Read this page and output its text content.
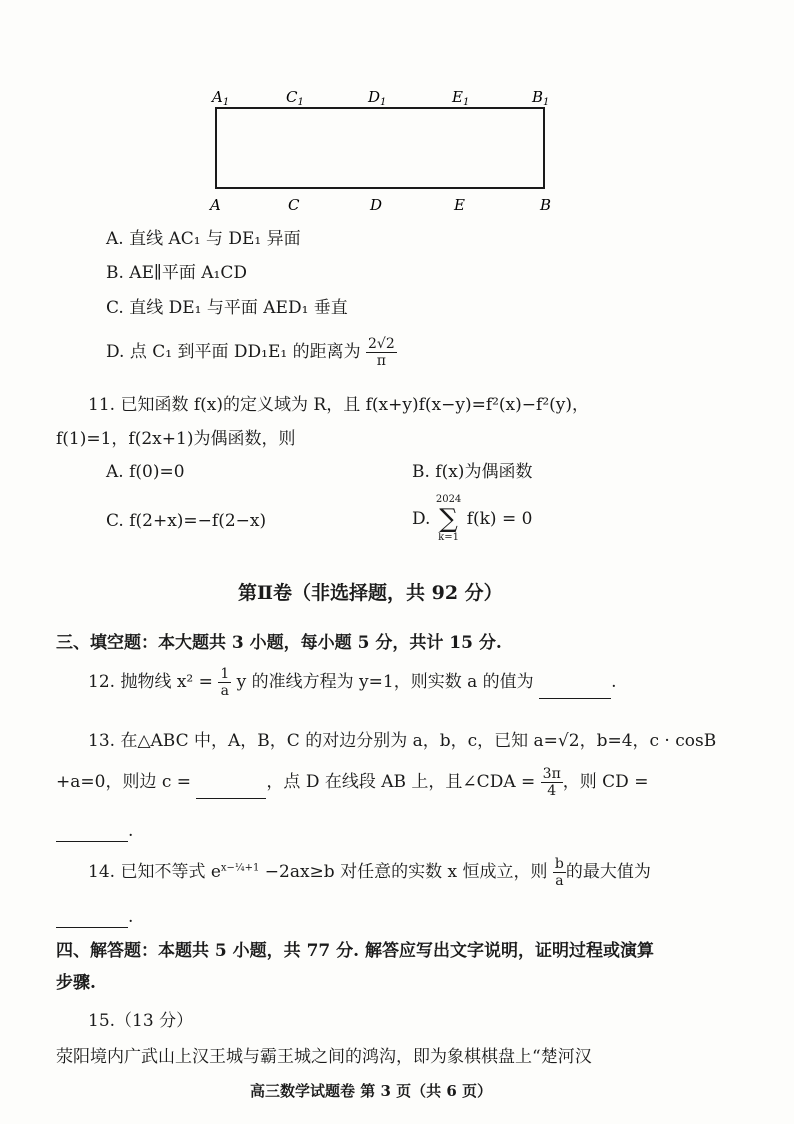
$A_1$	$C_1$	$D_1$	$E_1$	$B_1$
A	C	D	E	B
A. 直线 AC₁ 与 DE₁ 异面
B. AE∥平面 A₁CD
C. 直线 DE₁ 与平面 AED₁ 垂直
D. 点 C₁ 到平面 DD₁E₁ 的距离为 $\frac{2√2}{\pi}$
11. 已知函数 f(x)的定义域为 R，且 f(x+y)f(x−y)=f²(x)−f²(y)，
f(1)=1，f(2x+1)为偶函数，则
A. f(0)=0	B. f(x)为偶函数
C. f(2+x)=−f(2−x)	D.
2024
∑
k=1
f(k) = 0
第Ⅱ卷（非选择题，共 92 分）
三、填空题：本大题共 3 小题，每小题 5 分，共计 15 分.
12. 抛物线 $x^2 = \frac{1}{a}$ y 的准线方程为 y=1，则实数 a 的值为	.
13. 在△ABC 中，A，B，C 的对边分别为 a，b，c，已知 a=√2，b=4，c · cosB
+a=0，则边 c =	，点 D 在线段 AB 上，且∠CDA = $\frac{3\pi}{4}$ ，则 CD =
.
14. 已知不等式 $e^{x-\frac{1}{4}+1} -2ax\ge b$ 对任意的实数 x 恒成立，则 $\frac{b}{a}$ 的最大值为
.
四、解答题：本题共 5 小题，共 77 分. 解答应写出文字说明，证明过程或演算
步骤.
15.（13 分）
荥阳境内广武山上汉王城与霸王城之间的鸿沟，即为象棋棋盘上“楚河汉
高三数学试题卷 第 3 页（共 6 页）
